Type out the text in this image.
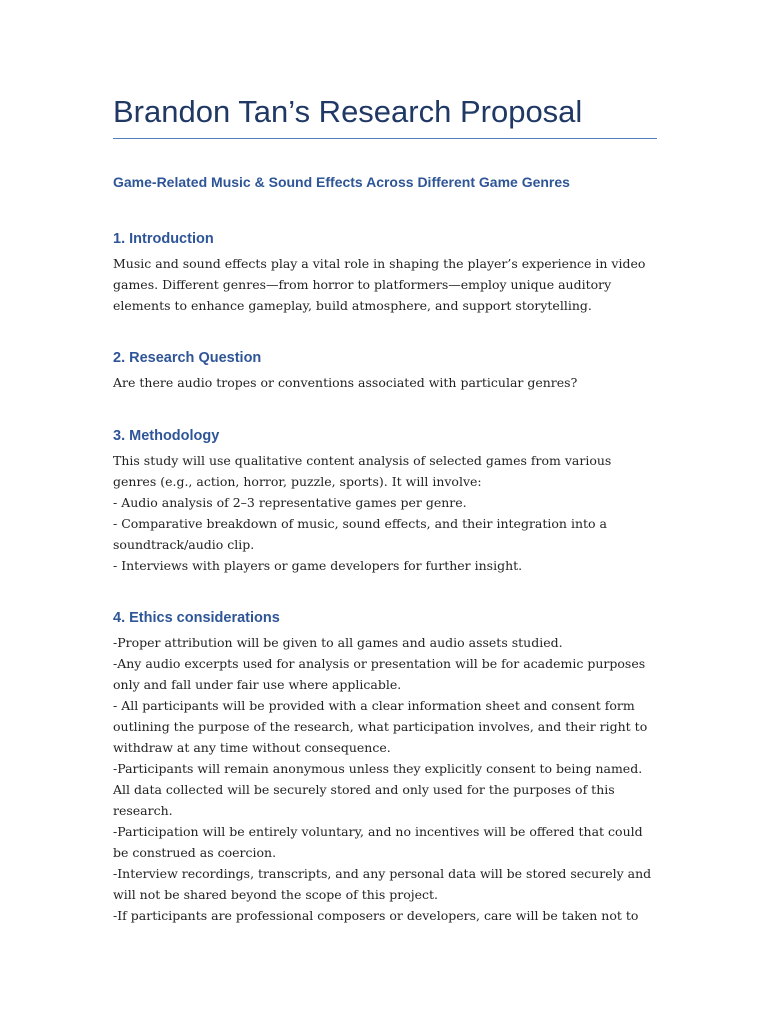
Brandon Tan’s Research Proposal
Game-Related Music & Sound Effects Across Different Game Genres
1. Introduction

Music and sound effects play a vital role in shaping the player’s experience in video
games. Different genres—from horror to platformers—employ unique auditory
elements to enhance gameplay, build atmosphere, and support storytelling.

2. Research Question

Are there audio tropes or conventions associated with particular genres?

3. Methodology

This study will use qualitative content analysis of selected games from various
genres (e.g., action, horror, puzzle, sports). It will involve:
- Audio analysis of 2–3 representative games per genre.
- Comparative breakdown of music, sound effects, and their integration into a
soundtrack/audio clip.
- Interviews with players or game developers for further insight.

4. Ethics considerations

-Proper attribution will be given to all games and audio assets studied.
-Any audio excerpts used for analysis or presentation will be for academic purposes
only and fall under fair use where applicable.
- All participants will be provided with a clear information sheet and consent form
outlining the purpose of the research, what participation involves, and their right to
withdraw at any time without consequence.
-Participants will remain anonymous unless they explicitly consent to being named.
All data collected will be securely stored and only used for the purposes of this
research.
-Participation will be entirely voluntary, and no incentives will be offered that could
be construed as coercion.
-Interview recordings, transcripts, and any personal data will be stored securely and
will not be shared beyond the scope of this project.
-If participants are professional composers or developers, care will be taken not to
